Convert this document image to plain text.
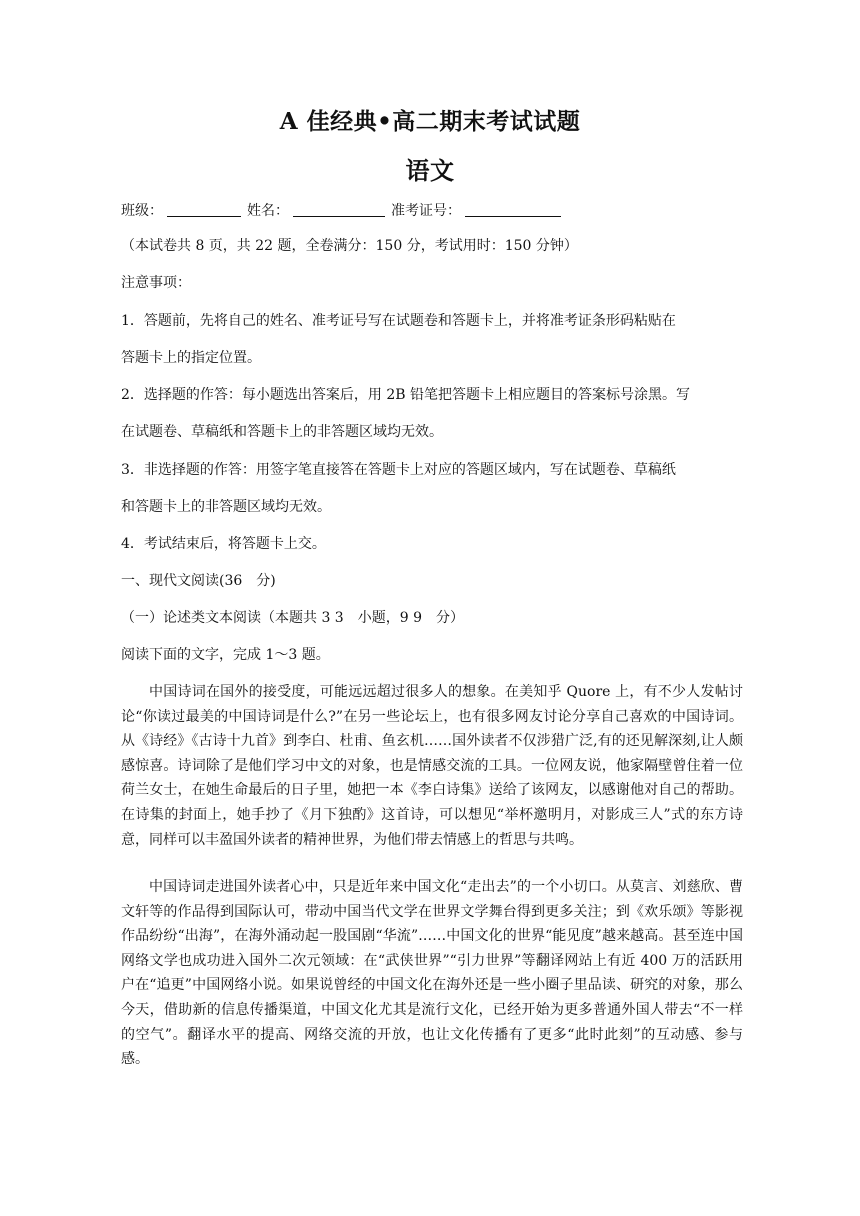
A 佳经典•高二期末考试试题
语文
班级：	姓名：	准考证号：
（本试卷共 8 页，共 22 题，全卷满分：150 分，考试用时：150 分钟）
注意事项：
1．答题前，先将自己的姓名、准考证号写在试题卷和答题卡上，并将准考证条形码粘贴在
答题卡上的指定位置。
2．选择题的作答：每小题选出答案后，用 2B 铅笔把答题卡上相应题目的答案标号涂黑。写
在试题卷、草稿纸和答题卡上的非答题区域均无效。
3．非选择题的作答：用签字笔直接答在答题卡上对应的答题区域内，写在试题卷、草稿纸
和答题卡上的非答题区域均无效。
4．考试结束后，将答题卡上交。
一、现代文阅读(36　分)
（一）论述类文本阅读（本题共 3 3　小题，9 9　分）
阅读下面的文字，完成 1～3 题。
中国诗词在国外的接受度，可能远远超过很多人的想象。在美知乎 Quore 上，有不少人发帖讨论“你读过最美的中国诗词是什么?”在另一些论坛上，也有很多网友讨论分享自己喜欢的中国诗词。从《诗经》《古诗十九首》到李白、杜甫、鱼玄机……国外读者不仅涉猎广泛,有的还见解深刻,让人颇感惊喜。诗词除了是他们学习中文的对象，也是情感交流的工具。一位网友说，他家隔壁曾住着一位荷兰女士，在她生命最后的日子里，她把一本《李白诗集》送给了该网友，以感谢他对自己的帮助。在诗集的封面上，她手抄了《月下独酌》这首诗，可以想见“举杯邀明月，对影成三人”式的东方诗意，同样可以丰盈国外读者的精神世界，为他们带去情感上的哲思与共鸣。
中国诗词走进国外读者心中，只是近年来中国文化“走出去”的一个小切口。从莫言、刘慈欣、曹文轩等的作品得到国际认可，带动中国当代文学在世界文学舞台得到更多关注；到《欢乐颂》等影视作品纷纷“出海”，在海外涌动起一股国剧“华流”……中国文化的世界“能见度”越来越高。甚至连中国网络文学也成功进入国外二次元领域：在“武侠世界”“引力世界”等翻译网站上有近 400 万的活跃用户在“追更”中国网络小说。如果说曾经的中国文化在海外还是一些小圈子里品读、研究的对象，那么今天，借助新的信息传播渠道，中国文化尤其是流行文化，已经开始为更多普通外国人带去“不一样的空气”。翻译水平的提高、网络交流的开放，也让文化传播有了更多“此时此刻”的互动感、参与感。
